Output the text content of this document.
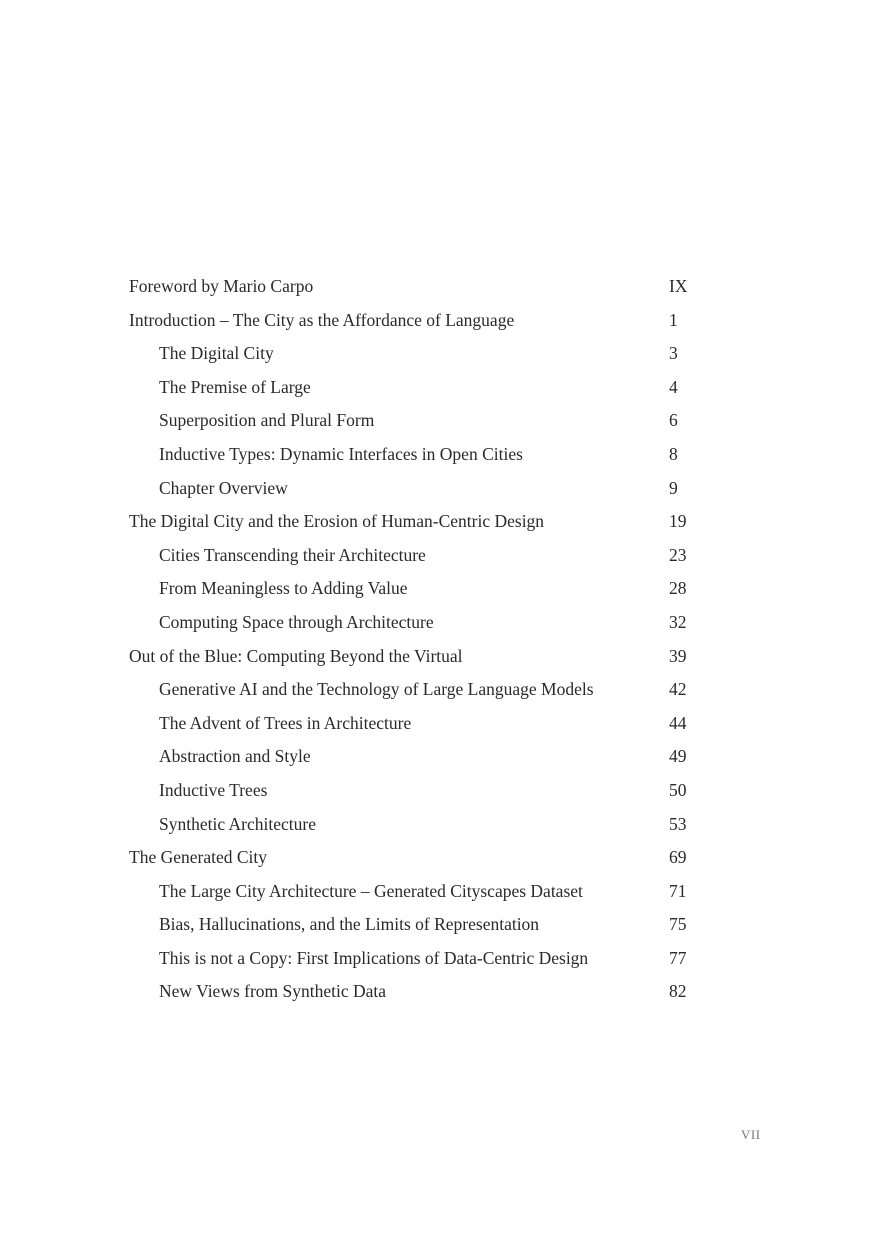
Foreword by Mario Carpo	IX
Introduction – The City as the Affordance of Language	1
The Digital City	3
The Premise of Large	4
Superposition and Plural Form	6
Inductive Types: Dynamic Interfaces in Open Cities	8
Chapter Overview	9
The Digital City and the Erosion of Human-Centric Design	19
Cities Transcending their Architecture	23
From Meaningless to Adding Value	28
Computing Space through Architecture	32
Out of the Blue: Computing Beyond the Virtual	39
Generative AI and the Technology of Large Language Models	42
The Advent of Trees in Architecture	44
Abstraction and Style	49
Inductive Trees	50
Synthetic Architecture	53
The Generated City	69
The Large City Architecture – Generated Cityscapes Dataset	71
Bias, Hallucinations, and the Limits of Representation	75
This is not a Copy: First Implications of Data-Centric Design	77
New Views from Synthetic Data	82
VII
